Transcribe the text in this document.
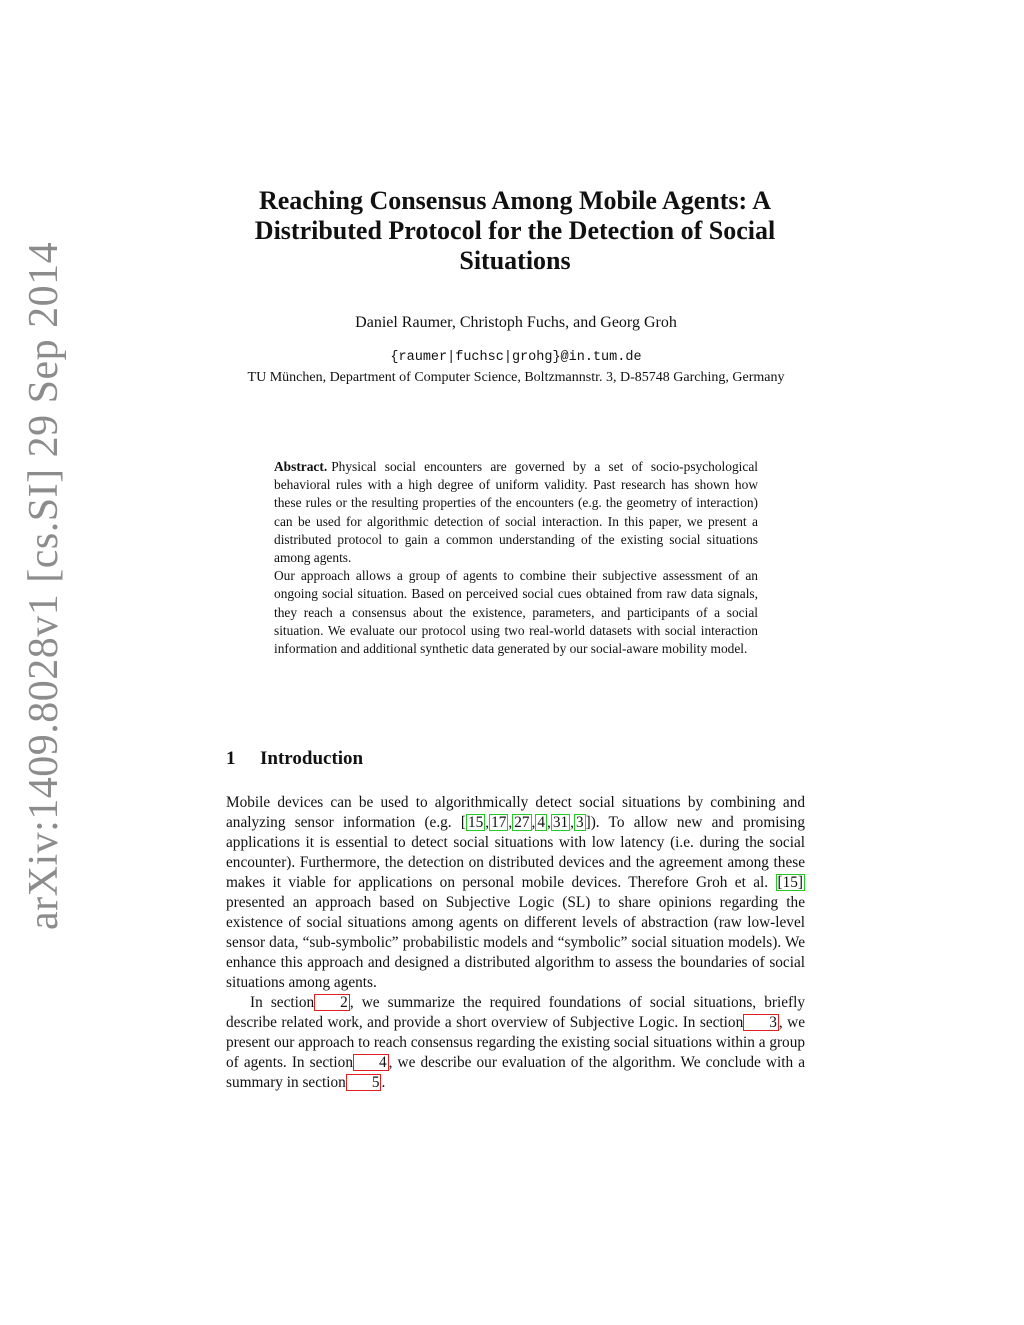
arXiv:1409.8028v1 [cs.SI] 29 Sep 2014
Reaching Consensus Among Mobile Agents: A Distributed Protocol for the Detection of Social Situations
Daniel Raumer, Christoph Fuchs, and Georg Groh
{raumer|fuchsc|grohg}@in.tum.de
TU München, Department of Computer Science, Boltzmannstr. 3, D-85748 Garching, Germany

Abstract. Physical social encounters are governed by a set of socio-psychological behavioral rules with a high degree of uniform validity. Past research has shown how these rules or the resulting properties of the encounters (e.g. the geometry of interaction) can be used for algorithmic detection of social interaction. In this paper, we present a distributed protocol to gain a common understanding of the existing social situations among agents.

Our approach allows a group of agents to combine their subjective assessment of an ongoing social situation. Based on perceived social cues obtained from raw data signals, they reach a consensus about the existence, parameters, and participants of a social situation. We evaluate our protocol using two real-world datasets with social interaction information and additional synthetic data generated by our social-aware mobility model.

1 Introduction

Mobile devices can be used to algorithmically detect social situations by combining and analyzing sensor information (e.g. [ 15 , 17 , 27 , 4 , 31 , 3 ]). To allow new and promising applications it is essential to detect social situations with low latency (i.e. during the social encounter). Furthermore, the detection on distributed devices and the agreement among these makes it viable for applications on personal mobile devices. Therefore Groh et al. [15] presented an approach based on Subjective Logic (SL) to share opinions regarding the existence of social situations among agents on different levels of abstraction (raw low-level sensor data, “sub-symbolic” probabilistic models and “symbolic” social situation models). We enhance this approach and designed a distributed algorithm to assess the boundaries of social situations among agents.

In section 2 , we summarize the required foundations of social situations, briefly describe related work, and provide a short overview of Subjective Logic. In section 3 , we present our approach to reach consensus regarding the existing social situations within a group of agents. In section 4 , we describe our evaluation of the algorithm. We conclude with a summary in section 5 .
